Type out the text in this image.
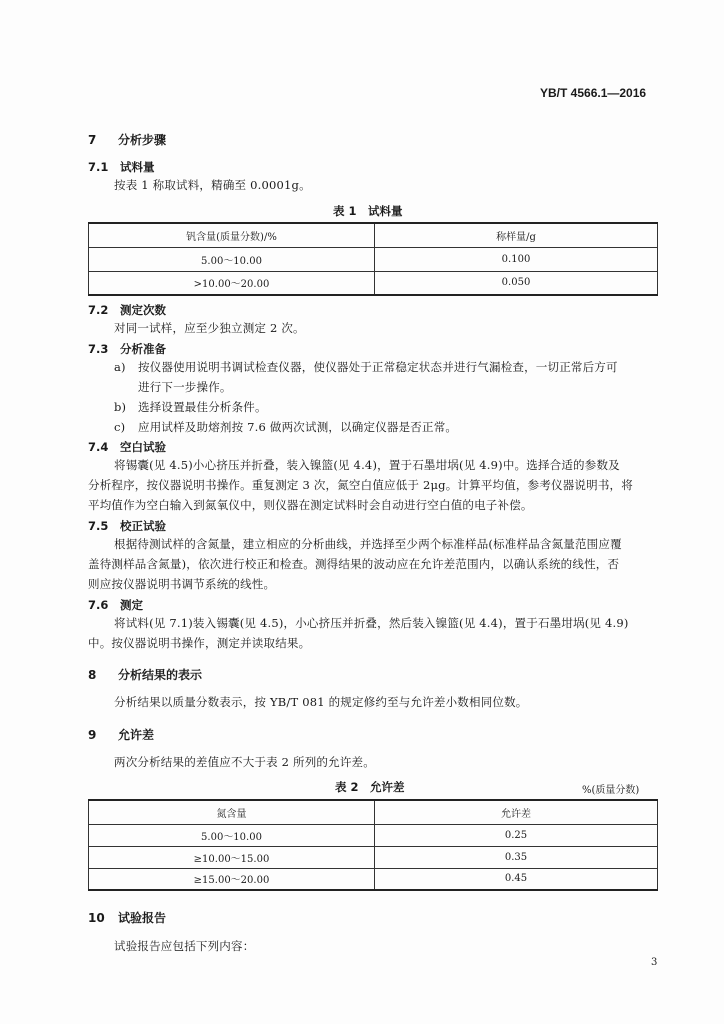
YB/T 4566.1—2016
7 分析步骤
7.1 试料量
按表 1 称取试料，精确至 0.0001g。
表 1　试料量
钒含量(质量分数)/%	称样量/g
5.00～10.00	0.100
>10.00～20.00	0.050
7.2 测定次数
对同一试样，应至少独立测定 2 次。
7.3 分析准备
a) 按仪器使用说明书调试检查仪器，使仪器处于正常稳定状态并进行气漏检查，一切正常后方可
进行下一步操作。
b) 选择设置最佳分析条件。
c) 应用试样及助熔剂按 7.6 做两次试测，以确定仪器是否正常。
7.4 空白试验
将锡囊(见 4.5)小心挤压并折叠，装入镍篮(见 4.4)，置于石墨坩埚(见 4.9)中。选择合适的参数及
分析程序，按仪器说明书操作。重复测定 3 次，氮空白值应低于 2μg。计算平均值，参考仪器说明书，将
平均值作为空白输入到氮氧仪中，则仪器在测定试料时会自动进行空白值的电子补偿。
7.5 校正试验
根据待测试样的含氮量，建立相应的分析曲线，并选择至少两个标准样品(标准样品含氮量范围应覆
盖待测样品含氮量)，依次进行校正和检查。测得结果的波动应在允许差范围内，以确认系统的线性，否
则应按仪器说明书调节系统的线性。
7.6 测定
将试料(见 7.1)装入锡囊(见 4.5)，小心挤压并折叠，然后装入镍篮(见 4.4)，置于石墨坩埚(见 4.9)
中。按仪器说明书操作，测定并读取结果。
8 分析结果的表示
分析结果以质量分数表示，按 YB/T 081 的规定修约至与允许差小数相同位数。
9 允许差
两次分析结果的差值应不大于表 2 所列的允许差。
表 2　允许差	%(质量分数)
氮含量	允许差
5.00～10.00	0.25
≥10.00～15.00	0.35
≥15.00～20.00	0.45
10 试验报告
试验报告应包括下列内容：
3
